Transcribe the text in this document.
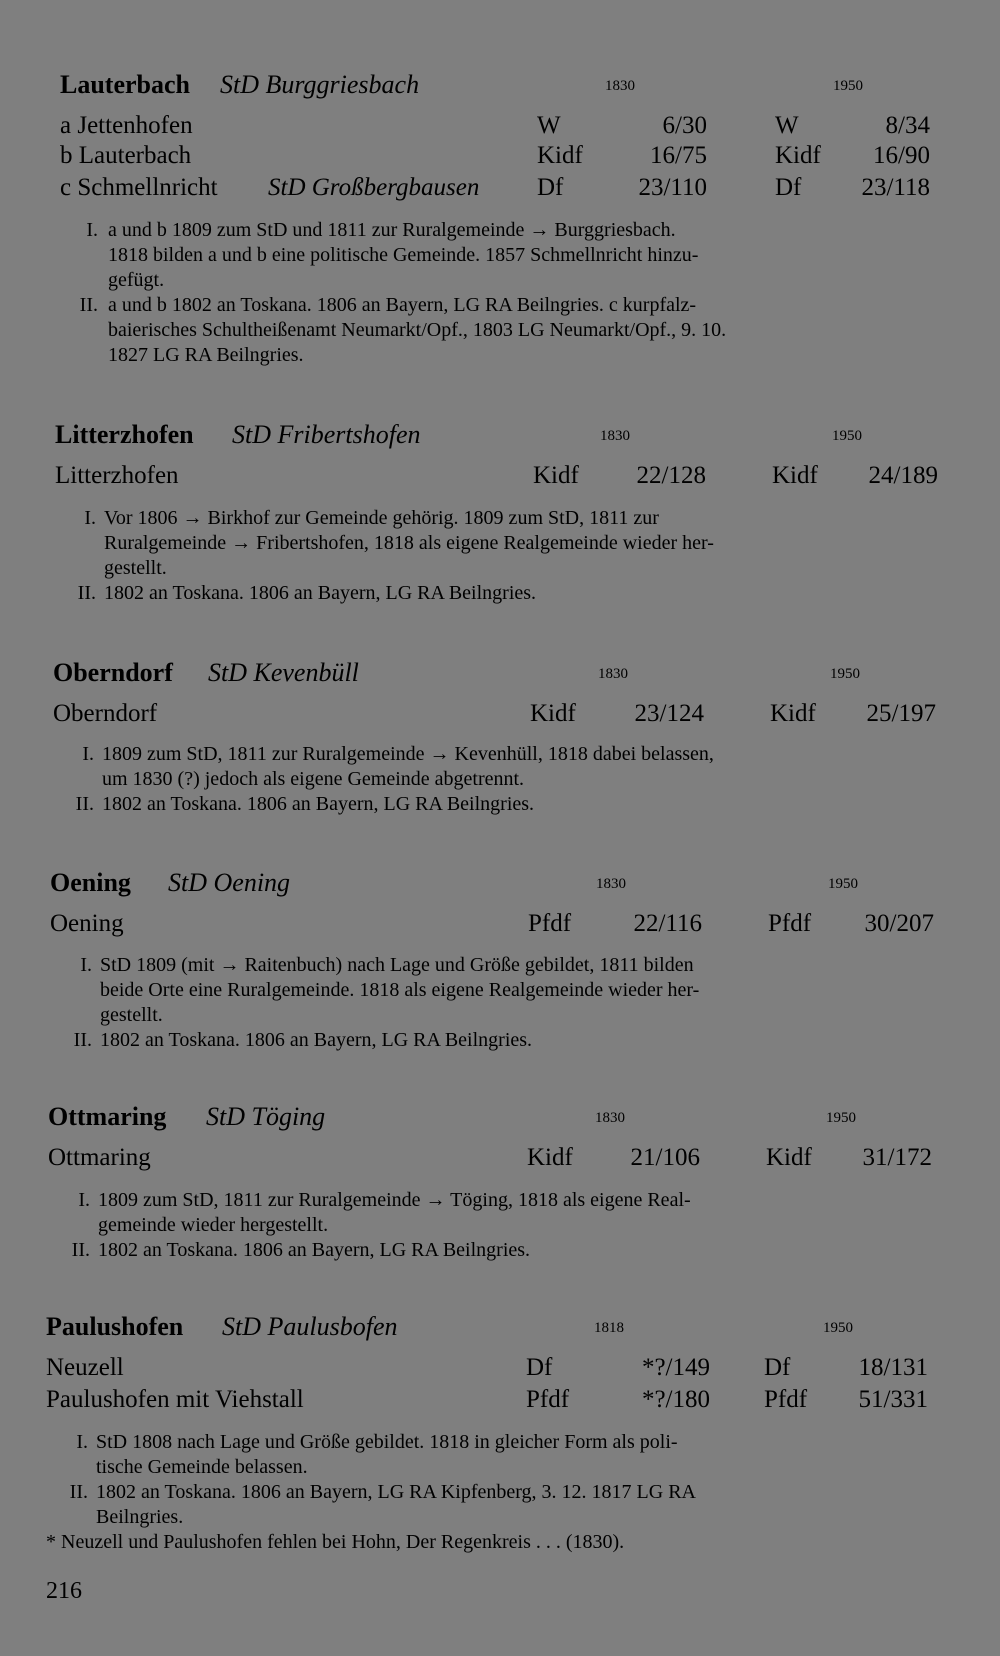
Lauterbach StD Burggriesbach	1830	1950
a Jettenhofen	W	6/30	W	8/34
b Lauterbach	Kidf	16/75	Kidf	16/90
c Schmellnricht StD Großbergbausen Df	23/110	Df	23/118
I. a und b 1809 zum StD und 1811 zur Ruralgemeinde → Burggriesbach.
1818 bilden a und b eine politische Gemeinde. 1857 Schmellnricht hinzu-
gefügt.
II. a und b 1802 an Toskana. 1806 an Bayern, LG RA Beilngries. c kurpfalz-
baierisches Schultheißenamt Neumarkt/Opf., 1803 LG Neumarkt/Opf., 9. 10.
1827 LG RA Beilngries.
Litterzhofen StD Fribertshofen	1830	1950
Litterzhofen	Kidf	22/128	Kidf	24/189
I. Vor 1806 → Birkhof zur Gemeinde gehörig. 1809 zum StD, 1811 zur
Ruralgemeinde → Fribertshofen, 1818 als eigene Realgemeinde wieder her-
gestellt.
II. 1802 an Toskana. 1806 an Bayern, LG RA Beilngries.
Oberndorf StD Kevenbüll	1830	1950
Oberndorf	Kidf	23/124	Kidf	25/197
I. 1809 zum StD, 1811 zur Ruralgemeinde → Kevenhüll, 1818 dabei belassen,
um 1830 (?) jedoch als eigene Gemeinde abgetrennt.
II. 1802 an Toskana. 1806 an Bayern, LG RA Beilngries.
Oening StD Oening	1830	1950
Oening	Pfdf	22/116	Pfdf	30/207
I. StD 1809 (mit → Raitenbuch) nach Lage und Größe gebildet, 1811 bilden
beide Orte eine Ruralgemeinde. 1818 als eigene Realgemeinde wieder her-
gestellt.
II. 1802 an Toskana. 1806 an Bayern, LG RA Beilngries.
Ottmaring StD Töging	1830	1950
Ottmaring	Kidf	21/106	Kidf	31/172
I. 1809 zum StD, 1811 zur Ruralgemeinde → Töging, 1818 als eigene Real-
gemeinde wieder hergestellt.
II. 1802 an Toskana. 1806 an Bayern, LG RA Beilngries.
Paulushofen StD Paulusbofen	1818	1950
Neuzell	Df	*?/149 Df	18/131
Paulushofen mit Viehstall	Pfdf	*?/180 Pfdf	51/331
I. StD 1808 nach Lage und Größe gebildet. 1818 in gleicher Form als poli-
tische Gemeinde belassen.
II. 1802 an Toskana. 1806 an Bayern, LG RA Kipfenberg, 3. 12. 1817 LG RA
Beilngries.
* Neuzell und Paulushofen fehlen bei Hohn, Der Regenkreis . . . (1830).
216
